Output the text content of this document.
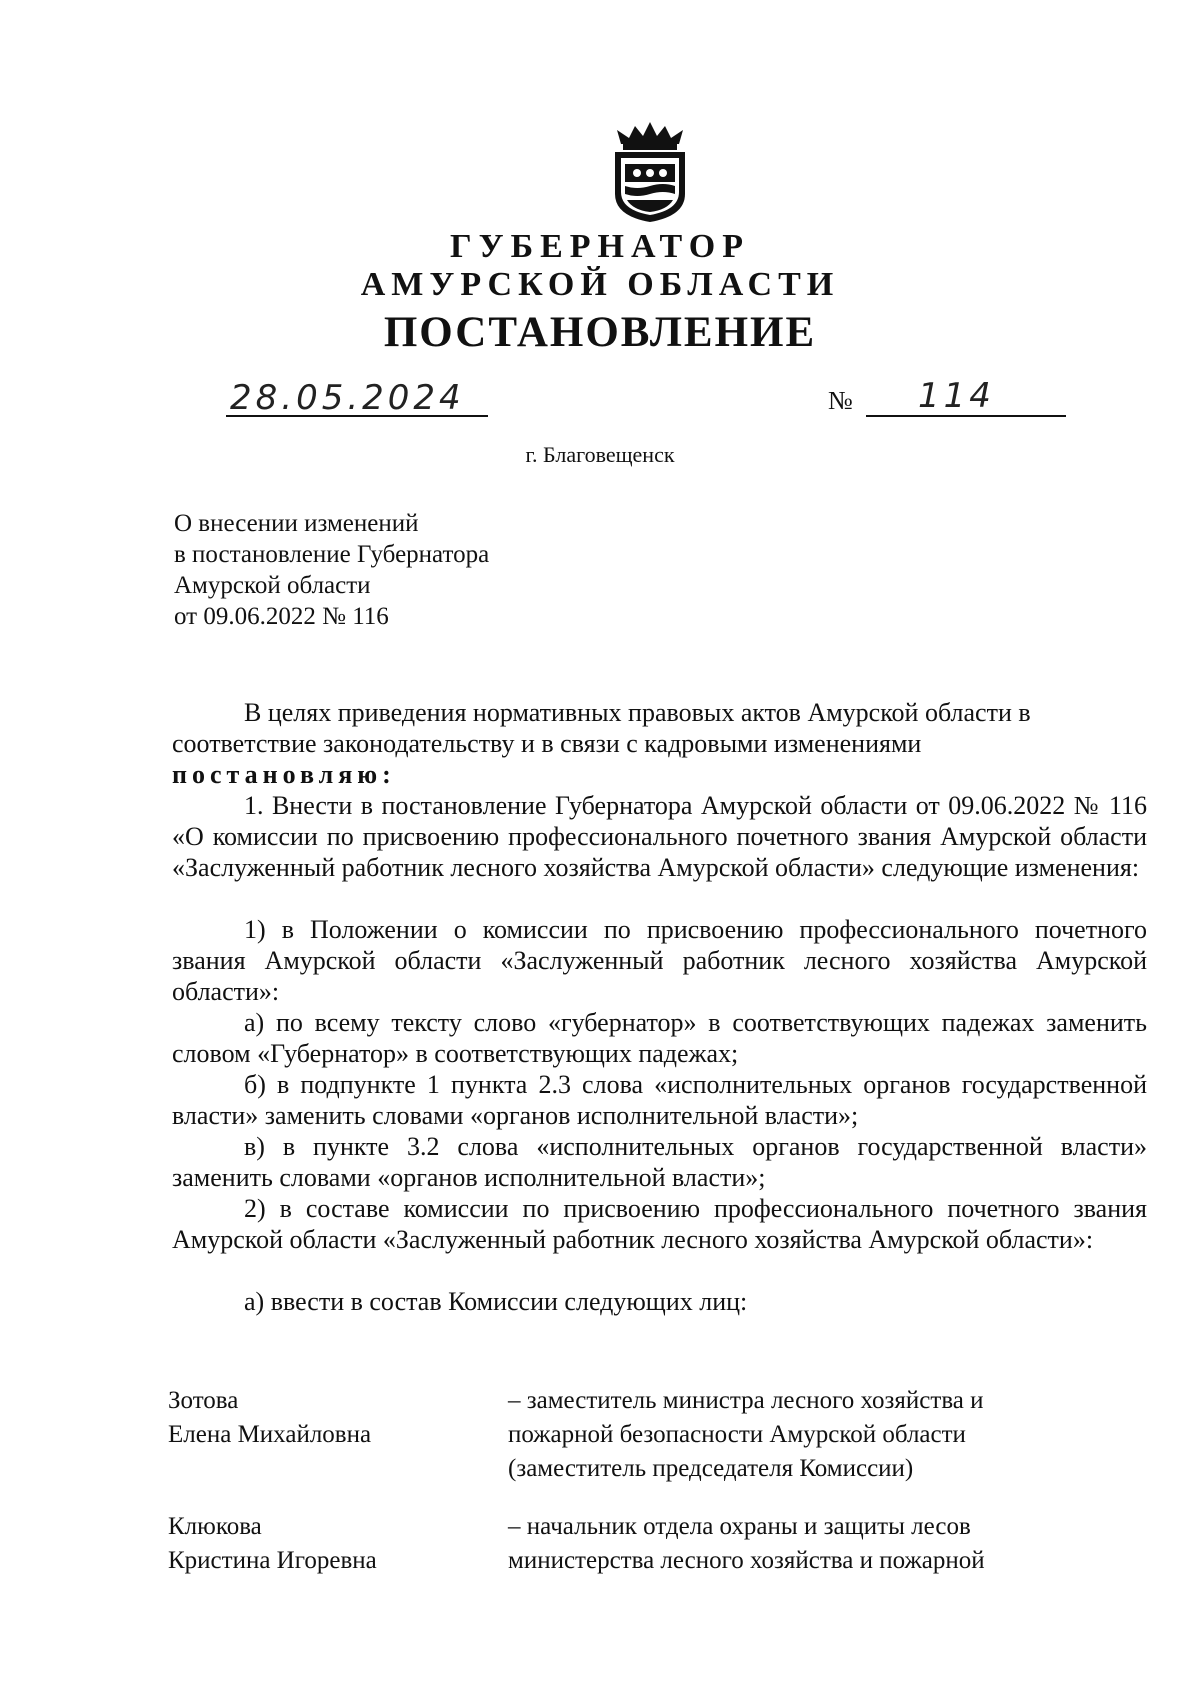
ГУБЕРНАТОР
АМУРСКОЙ ОБЛАСТИ
ПОСТАНОВЛЕНИЕ
28.05.2024	№ 114
г. Благовещенск
О внесении изменений
в постановление Губернатора
Амурской области
от 09.06.2022 № 116
В целях приведения нормативных правовых актов Амурской области в
соответствие законодательству и в связи с кадровыми изменениями
постановляю:
1. Внести в постановление Губернатора Амурской области от 09.06.2022 № 116 «О комиссии по присвоению профессионального почетного звания Амурской области «Заслуженный работник лесного хозяйства Амурской области» следующие изменения:
1) в Положении о комиссии по присвоению профессионального почетного звания Амурской области «Заслуженный работник лесного хозяйства Амурской области»:
а) по всему тексту слово «губернатор» в соответствующих падежах заменить словом «Губернатор» в соответствующих падежах;
б) в подпункте 1 пункта 2.3 слова «исполнительных органов государственной власти» заменить словами «органов исполнительной власти»;
в) в пункте 3.2 слова «исполнительных органов государственной власти» заменить словами «органов исполнительной власти»;
2) в составе комиссии по присвоению профессионального почетного звания Амурской области «Заслуженный работник лесного хозяйства Амурской области»:
а) ввести в состав Комиссии следующих лиц:
Зотова
Елена Михайловна
– заместитель министра лесного хозяйства и
пожарной безопасности Амурской области
(заместитель председателя Комиссии)
Клюкова
Кристина Игоревна
– начальник отдела охраны и защиты лесов
министерства лесного хозяйства и пожарной
